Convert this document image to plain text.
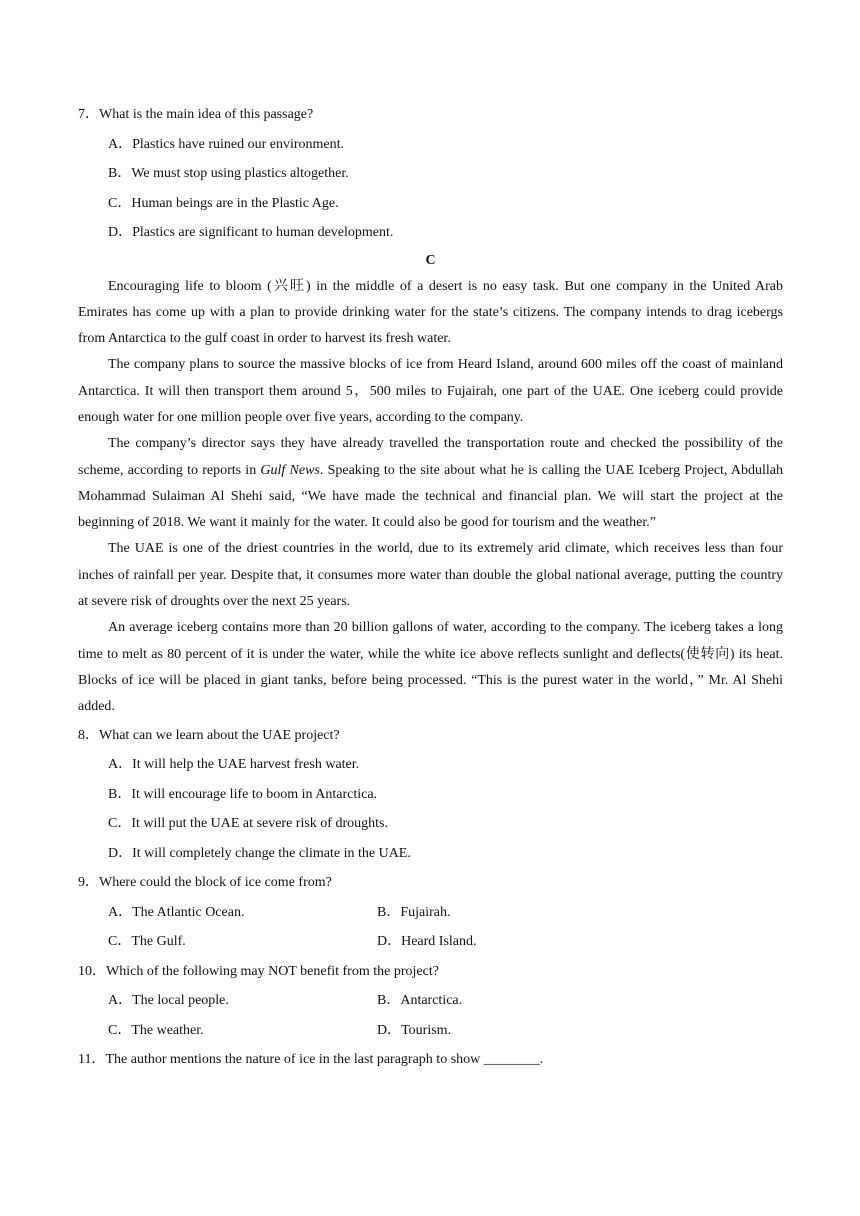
7．What is the main idea of this passage?
A．Plastics have ruined our environment.
B．We must stop using plastics altogether.
C．Human beings are in the Plastic Age.
D．Plastics are significant to human development.
C
Encouraging life to bloom (兴旺) in the middle of a desert is no easy task. But one company in the United Arab Emirates has come up with a plan to provide drinking water for the state’s citizens. The company intends to drag icebergs from Antarctica to the gulf coast in order to harvest its fresh water.
The company plans to source the massive blocks of ice from Heard Island, around 600 miles off the coast of mainland Antarctica. It will then transport them around 5，500 miles to Fujairah, one part of the UAE. One iceberg could provide enough water for one million people over five years, according to the company.
The company’s director says they have already travelled the transportation route and checked the possibility of the scheme, according to reports in Gulf News. Speaking to the site about what he is calling the UAE Iceberg Project, Abdullah Mohammad Sulaiman Al Shehi said, “We have made the technical and financial plan. We will start the project at the beginning of 2018. We want it mainly for the water. It could also be good for tourism and the weather.”
The UAE is one of the driest countries in the world, due to its extremely arid climate, which receives less than four inches of rainfall per year. Despite that, it consumes more water than double the global national average, putting the country at severe risk of droughts over the next 25 years.
An average iceberg contains more than 20 billion gallons of water, according to the company. The iceberg takes a long time to melt as 80 percent of it is under the water, while the white ice above reflects sunlight and deflects(使转向) its heat. Blocks of ice will be placed in giant tanks, before being processed. “This is the purest water in the world，” Mr. Al Shehi added.
8．What can we learn about the UAE project?
A．It will help the UAE harvest fresh water.
B．It will encourage life to boom in Antarctica.
C．It will put the UAE at severe risk of droughts.
D．It will completely change the climate in the UAE.
9．Where could the block of ice come from?
A．The Atlantic Ocean.	B．Fujairah.
C．The Gulf.	D．Heard Island.
10．Which of the following may NOT benefit from the project?
A．The local people.	B．Antarctica.
C．The weather.	D．Tourism.
11．The author mentions the nature of ice in the last paragraph to show ________.
